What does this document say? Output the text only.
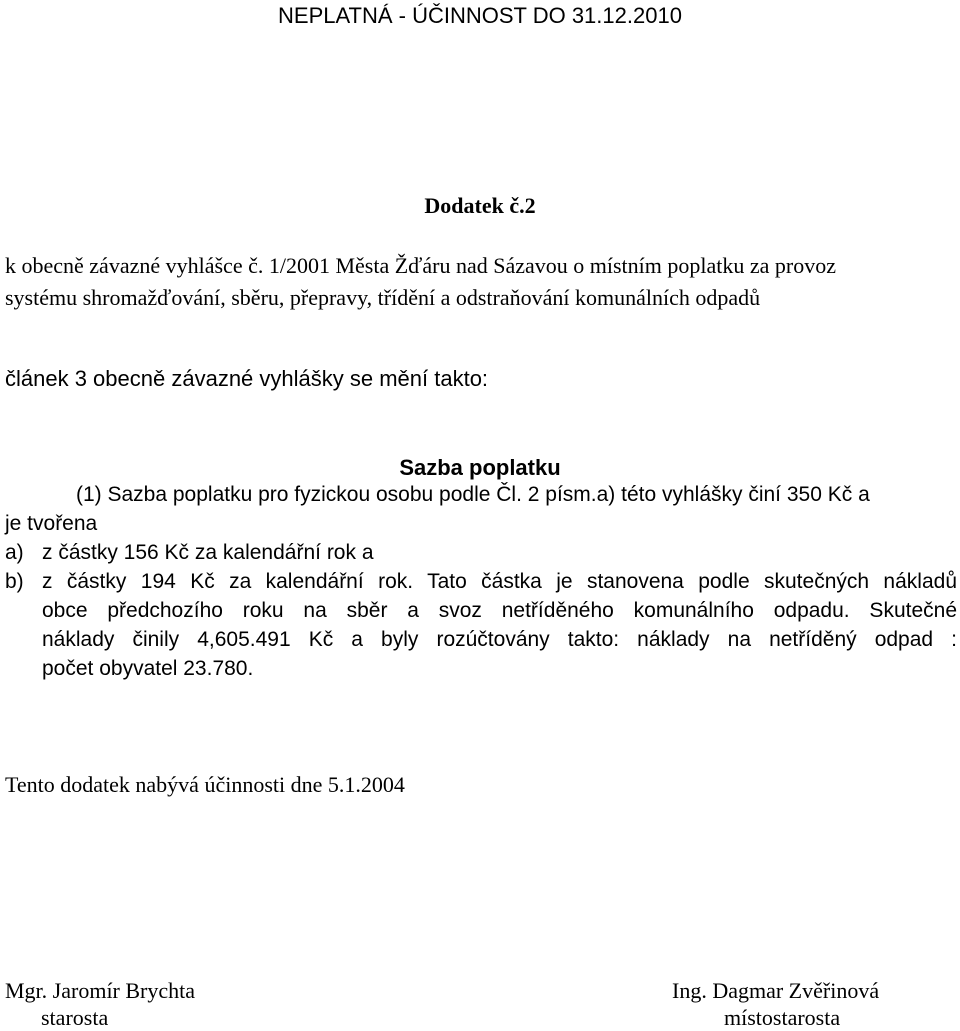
NEPLATNÁ - ÚČINNOST DO 31.12.2010
Dodatek č.2
k obecně závazné vyhlášce č. 1/2001 Města Žďáru nad Sázavou o místním poplatku za provoz
systému shromažďování, sběru, přepravy, třídění a odstraňování komunálních odpadů
článek 3 obecně závazné vyhlášky se mění takto:
Sazba poplatku
(1) Sazba poplatku pro fyzickou osobu podle Čl. 2 písm.a) této vyhlášky činí 350 Kč a
je tvořena
a) z částky 156 Kč za kalendářní rok a
b) z částky 194 Kč za kalendářní rok. Tato částka je stanovena podle skutečných nákladů
obce předchozího roku na sběr a svoz netříděného komunálního odpadu. Skutečné
náklady činily 4,605.491 Kč a byly rozúčtovány takto: náklady na netříděný odpad :
počet obyvatel 23.780.
Tento dodatek nabývá účinnosti dne 5.1.2004
Mgr. Jaromír Brychta
starosta
Ing. Dagmar Zvěřinová
místostarosta
